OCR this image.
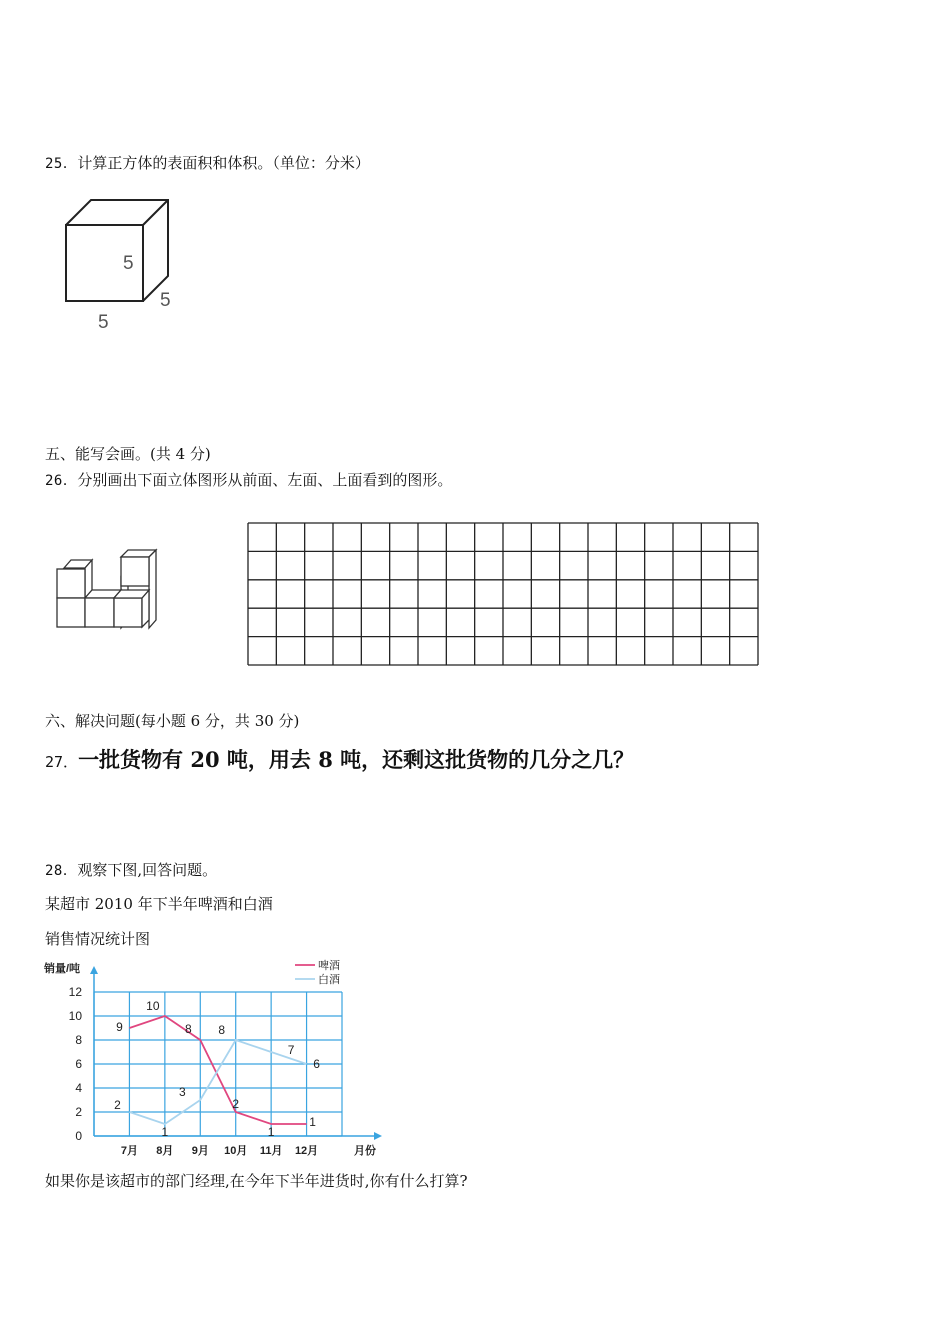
25．计算正方体的表面积和体积。（单位：分米）
5
5
5
五、能写会画。(共 4 分)
26．分别画出下面立体图形从前面、左面、上面看到的图形。
六、解决问题(每小题 6 分，共 30 分)
27．一批货物有 20 吨，用去 8 吨，还剩这批货物的几分之几？
28．观察下图,回答问题。
某超市 2010 年下半年啤酒和白酒
销售情况统计图
0
2
4
6
8
10
12
7月 8月 9月 10月 11月 12月
销量/吨
月份
9
10
8
2
1
1
2
1
3
8
7
6
啤酒
白酒
如果你是该超市的部门经理,在今年下半年进货时,你有什么打算?
